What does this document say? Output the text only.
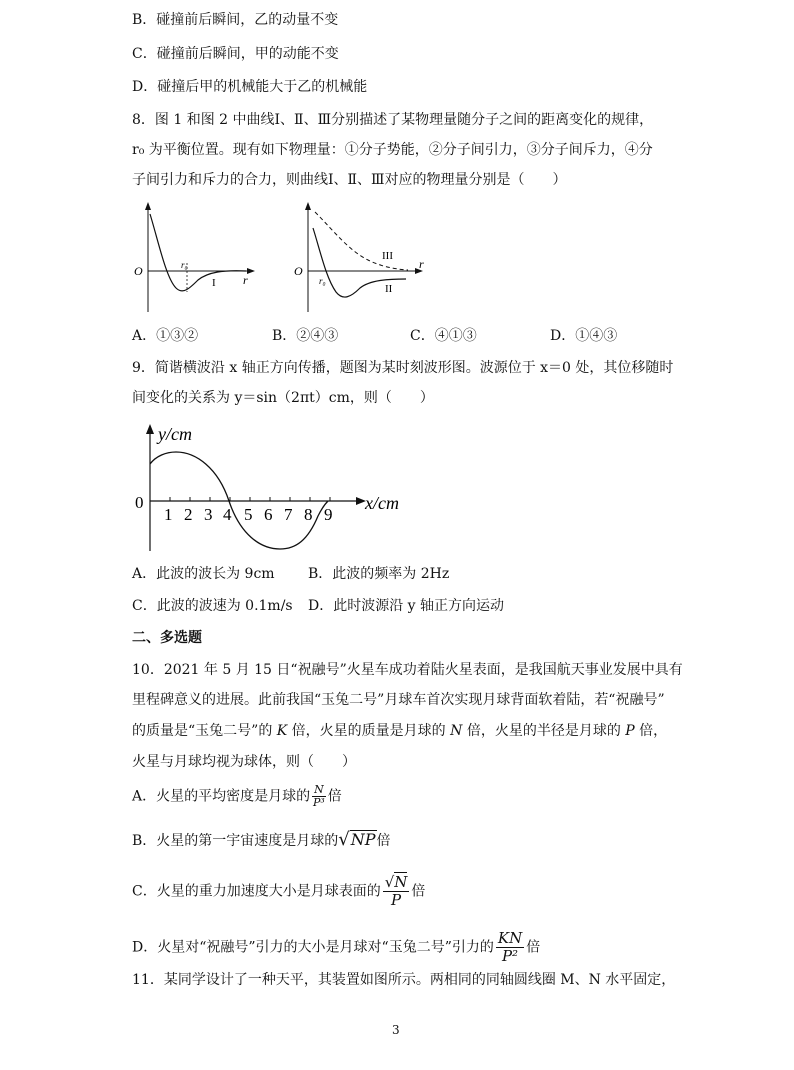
B．碰撞前后瞬间，乙的动量不变
C．碰撞前后瞬间，甲的动能不变
D．碰撞后甲的机械能大于乙的机械能
8．图 1 和图 2 中曲线Ⅰ、Ⅱ、Ⅲ分别描述了某物理量随分子之间的距离变化的规律，
r₀ 为平衡位置。现有如下物理量：①分子势能，②分子间引力，③分子间斥力，④分
子间引力和斥力的合力，则曲线Ⅰ、Ⅱ、Ⅲ对应的物理量分别是（　　）
O	r₀
r
I
O
r₀
r
III
II
A．①③②	B．②④③	C．④①③	D．①④③
9．简谐横波沿 x 轴正方向传播，题图为某时刻波形图。波源位于 x＝0 处，其位移随时
间变化的关系为 y＝sin（2πt）cm，则（　　）
y/cm
x/cm
0
1 2 3 4 5 6 7 8 9
A．此波的波长为 9cm B．此波的频率为 2Hz
C．此波的波速为 0.1m/s D．此时波源沿 y 轴正方向运动
二、多选题
10．2021 年 5 月 15 日“祝融号”火星车成功着陆火星表面，是我国航天事业发展中具有
里程碑意义的进展。此前我国“玉兔二号”月球车首次实现月球背面软着陆，若“祝融号”
的质量是“玉兔二号”的 K 倍，火星的质量是月球的 N 倍，火星的半径是月球的 P 倍，
火星与月球均视为球体，则（　　）
A．火星的平均密度是月球的 $\frac{N}{\text{P³}}$ 倍
B．火星的第一宇宙速度是月球的√NP倍
C．火星的重力加速度大小是月球表面的 $\frac{√N}{P}$ 倍
D．火星对“祝融号”引力的大小是月球对“玉兔二号”引力的 $\frac{KN}{\text{P²}}$ 倍
11．某同学设计了一种天平，其装置如图所示。两相同的同轴圆线圈 M、N 水平固定，
3
